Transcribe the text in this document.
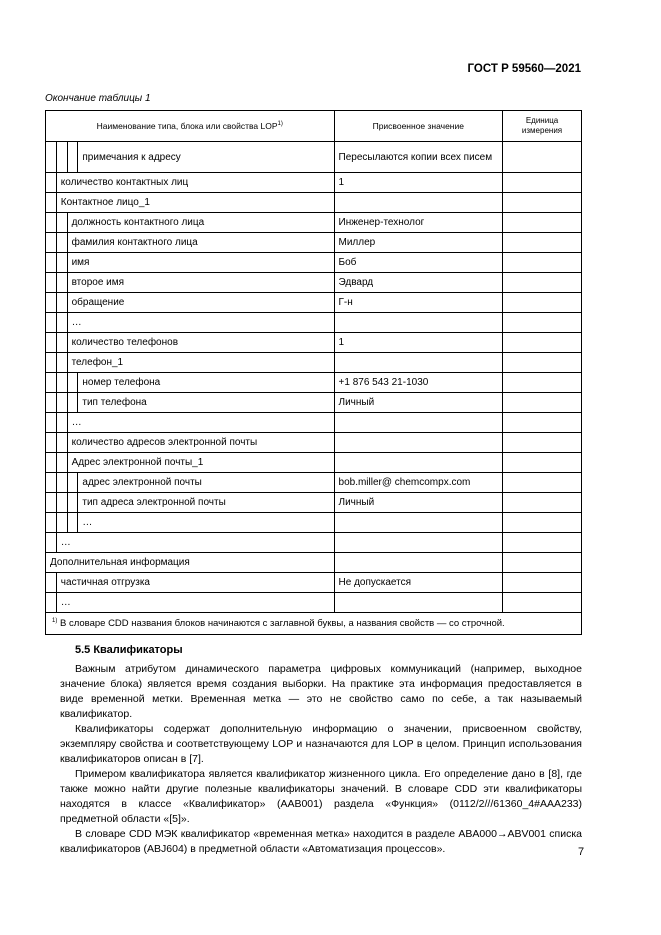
ГОСТ Р 59560—2021
Окончание таблицы 1
Наименование типа, блока или свойства LOP$^{1)}$				Присвоенное значение	Единица измерения
			примечания к адресу	Пересылаются копии всех писем	
	количество контактных лиц			1	
	Контактное лицо_1				
		должность контактного лица		Инженер-технолог	
		фамилия контактного лица		Миллер	
		имя		Боб	
		второе имя		Эдвард	
		обращение		Г-н	
		…			
		количество телефонов		1	
		телефон_1			
			номер телефона	+1 876 543 21-1030	
			тип телефона	Личный	
		…			
		количество адресов электронной почты			
		Адрес электронной почты_1			
			адрес электронной почты	bob.miller@ chemcompx.com	
			тип адреса электронной почты	Личный	
			…		
	…				
Дополнительная информация					
	частичная отгрузка			Не допускается	
	…				
$^{1)}$ В словаре CDD названия блоков начинаются с заглавной буквы, а названия свойств — со строчной.					
5.5 Квалификаторы

Важным атрибутом динамического параметра цифровых коммуникаций (например, выходное значение блока) является время создания выборки. На практике эта информация предоставляется в виде временной метки. Временная метка — это не свойство само по себе, а так называемый квалификатор.

Квалификаторы содержат дополнительную информацию о значении, присвоенном свойству, экземпляру свойства и соответствующему LOP и назначаются для LOP в целом. Принцип использования квалификаторов описан в [7].

Примером квалификатора является квалификатор жизненного цикла. Его определение дано в [8], где также можно найти другие полезные квалификаторы значений. В словаре CDD эти квалификаторы находятся в классе «Квалификатор» (AAB001) раздела «Функция» (0112/2///61360_4#AAA233) предметной области «[5]».

В словаре CDD МЭК квалификатор «временная метка» находится в разделе ABA000→ABV001 списка квалификаторов (ABJ604) в предметной области «Автоматизация процессов».	7
